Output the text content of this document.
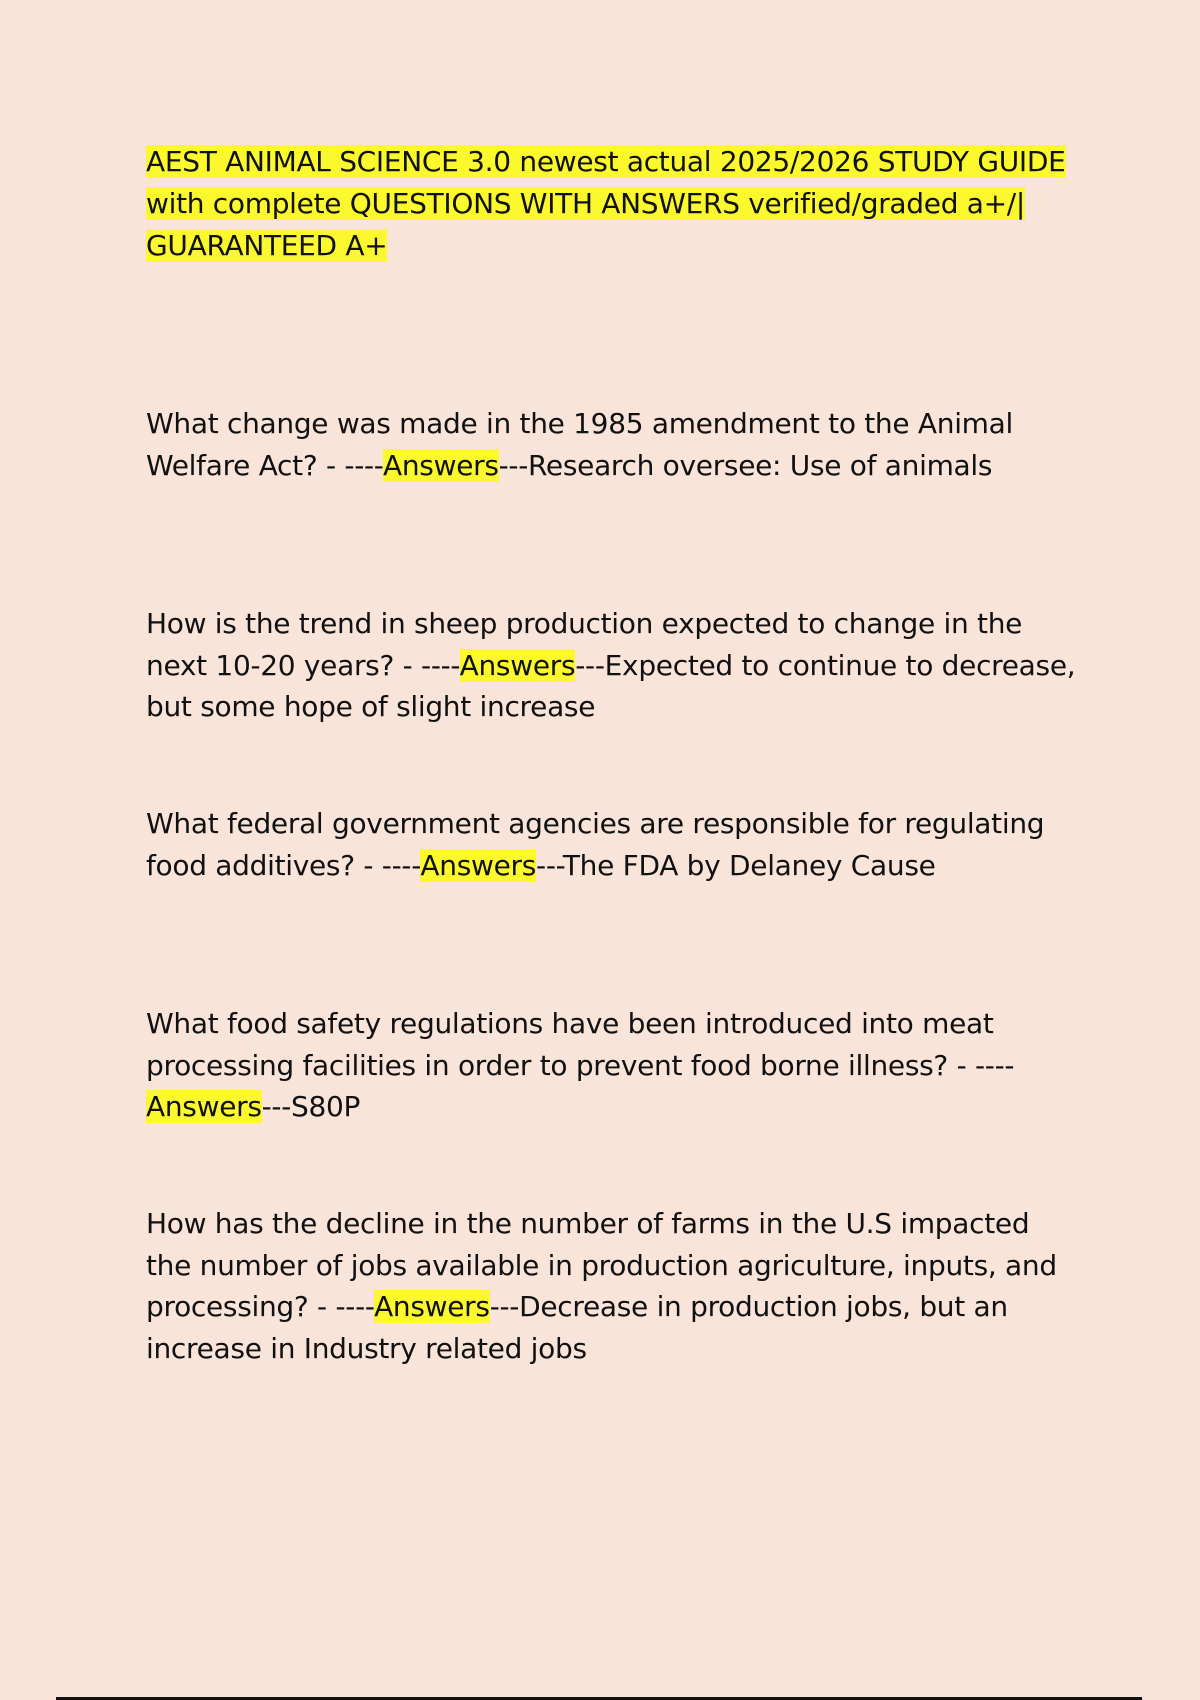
AEST ANIMAL SCIENCE 3.0 newest actual 2025/2026 STUDY GUIDE with complete QUESTIONS WITH ANSWERS verified/graded a+/| GUARANTEED A+

What change was made in the 1985 amendment to the Animal Welfare Act? - ----Answers---Research oversee: Use of animals

How is the trend in sheep production expected to change in the next 10-20 years? - ----Answers---Expected to continue to decrease, but some hope of slight increase

What federal government agencies are responsible for regulating food additives? - ----Answers---The FDA by Delaney Cause

What food safety regulations have been introduced into meat processing facilities in order to prevent food borne illness? - ----Answers---S80P

How has the decline in the number of farms in the U.S impacted the number of jobs available in production agriculture, inputs, and processing? - ----Answers---Decrease in production jobs, but an increase in Industry related jobs
